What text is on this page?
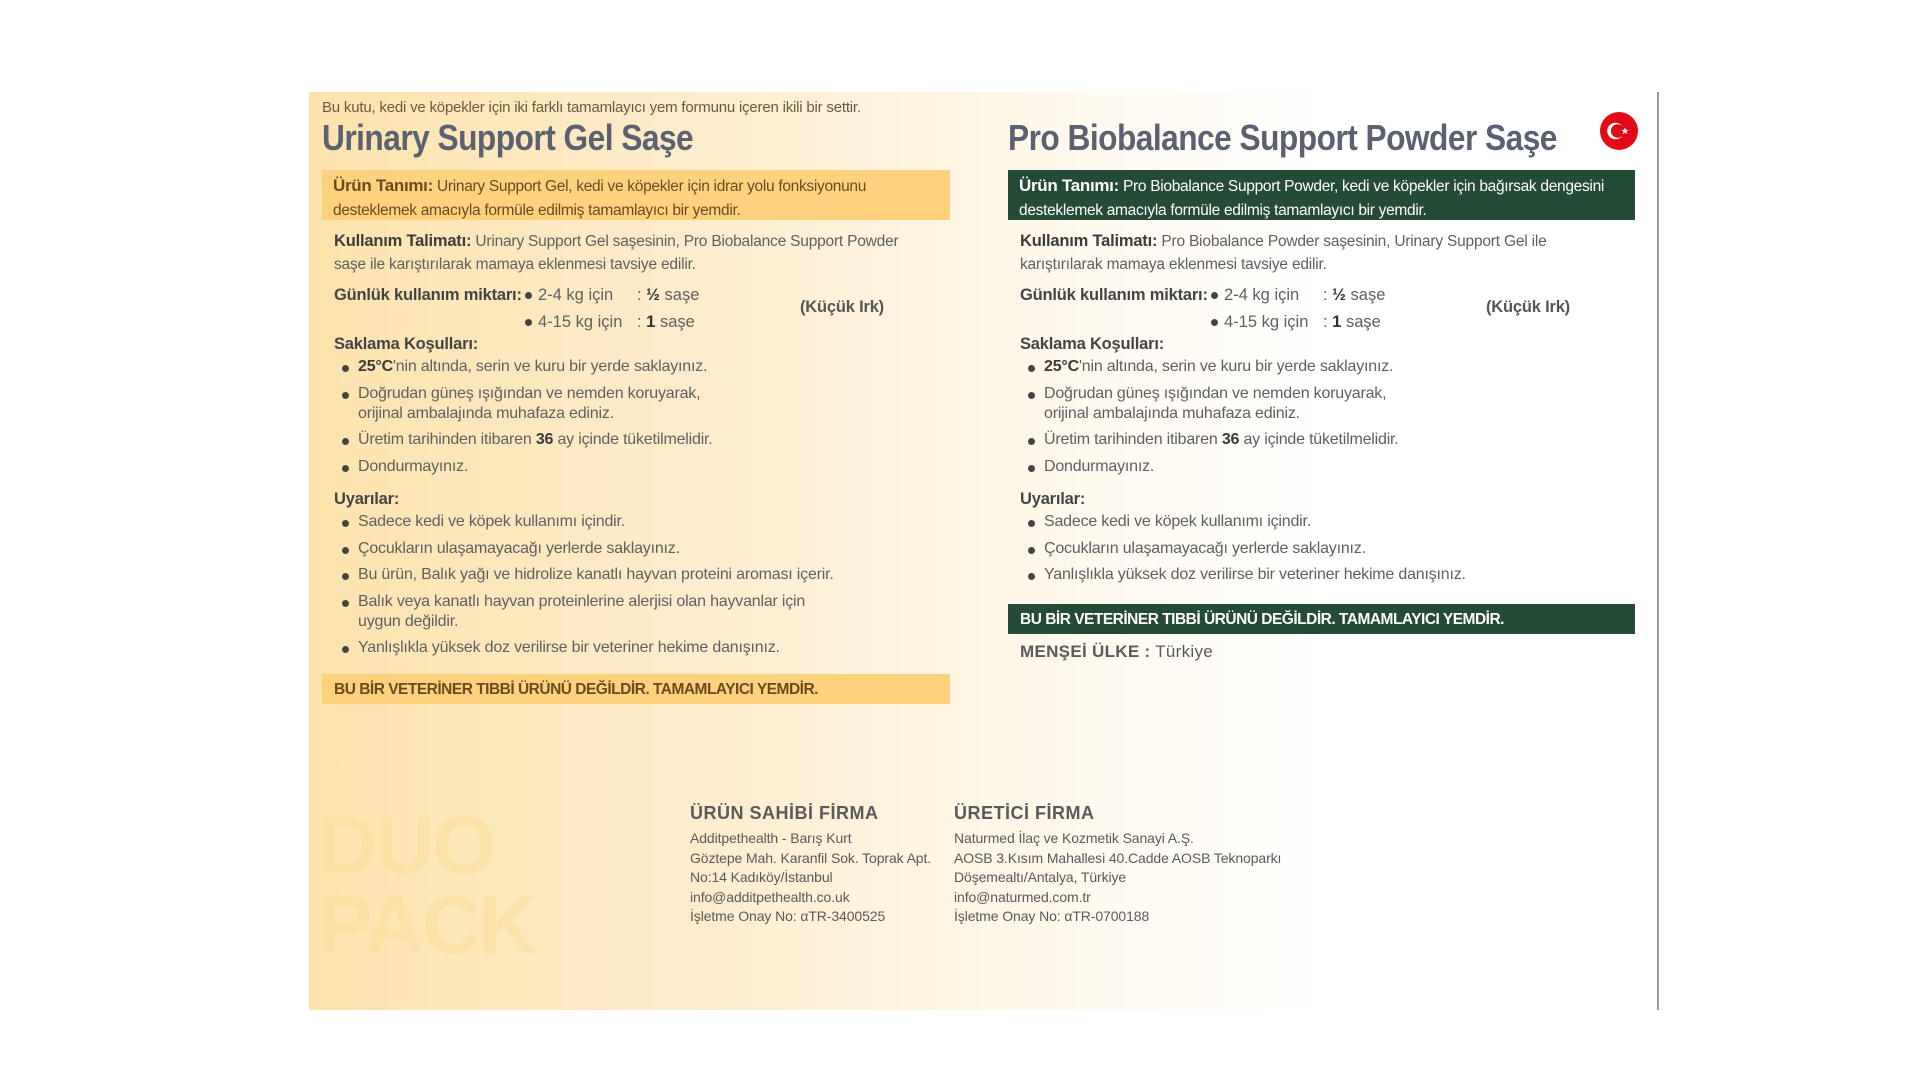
DUO
PACK
Bu kutu, kedi ve köpekler için iki farklı tamamlayıcı yem formunu içeren ikili bir settir.
Urinary Support Gel Saşe

Ürün Tanımı: Urinary Support Gel, kedi ve köpekler için idrar yolu fonksiyonunu

desteklemek amacıyla formüle edilmiş tamamlayıcı bir yemdir.

Kullanım Talimatı: Urinary Support Gel saşesinin, Pro Biobalance Support Powder
saşe ile karıştırılarak mamaya eklenmesi tavsiye edilir.
Günlük kullanım miktarı: 2-4 kg için : ½ saşe
4-15 kg için : 1 saşe
(Küçük Irk)
Saklama Koşulları:
25°C'nin altında, serin ve kuru bir yerde saklayınız.
Doğrudan güneş ışığından ve nemden koruyarak,
orijinal ambalajında muhafaza ediniz.
Üretim tarihinden itibaren 36 ay içinde tüketilmelidir.
Dondurmayınız.
Uyarılar:
Sadece kedi ve köpek kullanımı içindir.
Çocukların ulaşamayacağı yerlerde saklayınız.
Bu ürün, Balık yağı ve hidrolize kanatlı hayvan proteini aroması içerir.
Balık veya kanatlı hayvan proteinlerine alerjisi olan hayvanlar için
uygun değildir.
Yanlışlıkla yüksek doz verilirse bir veteriner hekime danışınız.
BU BİR VETERİNER TIBBİ ÜRÜNÜ DEĞİLDİR. TAMAMLAYICI YEMDİR.
Pro Biobalance Support Powder Saşe

Ürün Tanımı: Pro Biobalance Support Powder, kedi ve köpekler için bağırsak dengesini

desteklemek amacıyla formüle edilmiş tamamlayıcı bir yemdir.

Kullanım Talimatı: Pro Biobalance Powder saşesinin, Urinary Support Gel ile
karıştırılarak mamaya eklenmesi tavsiye edilir.
Günlük kullanım miktarı: 2-4 kg için : ½ saşe
4-15 kg için : 1 saşe
(Küçük Irk)
Saklama Koşulları:
25°C'nin altında, serin ve kuru bir yerde saklayınız.
Doğrudan güneş ışığından ve nemden koruyarak,
orijinal ambalajında muhafaza ediniz.
Üretim tarihinden itibaren 36 ay içinde tüketilmelidir.
Dondurmayınız.
Uyarılar:
Sadece kedi ve köpek kullanımı içindir.
Çocukların ulaşamayacağı yerlerde saklayınız.
Yanlışlıkla yüksek doz verilirse bir veteriner hekime danışınız.
BU BİR VETERİNER TIBBİ ÜRÜNÜ DEĞİLDİR. TAMAMLAYICI YEMDİR.
MENŞEİ ÜLKE : Türkiye
ÜRÜN SAHİBİ FİRMA
Additpethealth - Barış Kurt
Göztepe Mah. Karanfil Sok. Toprak Apt.
No:14 Kadıköy/İstanbul
info@additpethealth.co.uk
İşletme Onay No: αTR-3400525
ÜRETİCİ FİRMA
Naturmed İlaç ve Kozmetik Sanayi A.Ş.
AOSB 3.Kısım Mahallesi 40.Cadde AOSB Teknoparkı
Döşemealtı/Antalya, Türkiye
info@naturmed.com.tr
İşletme Onay No: αTR-0700188
